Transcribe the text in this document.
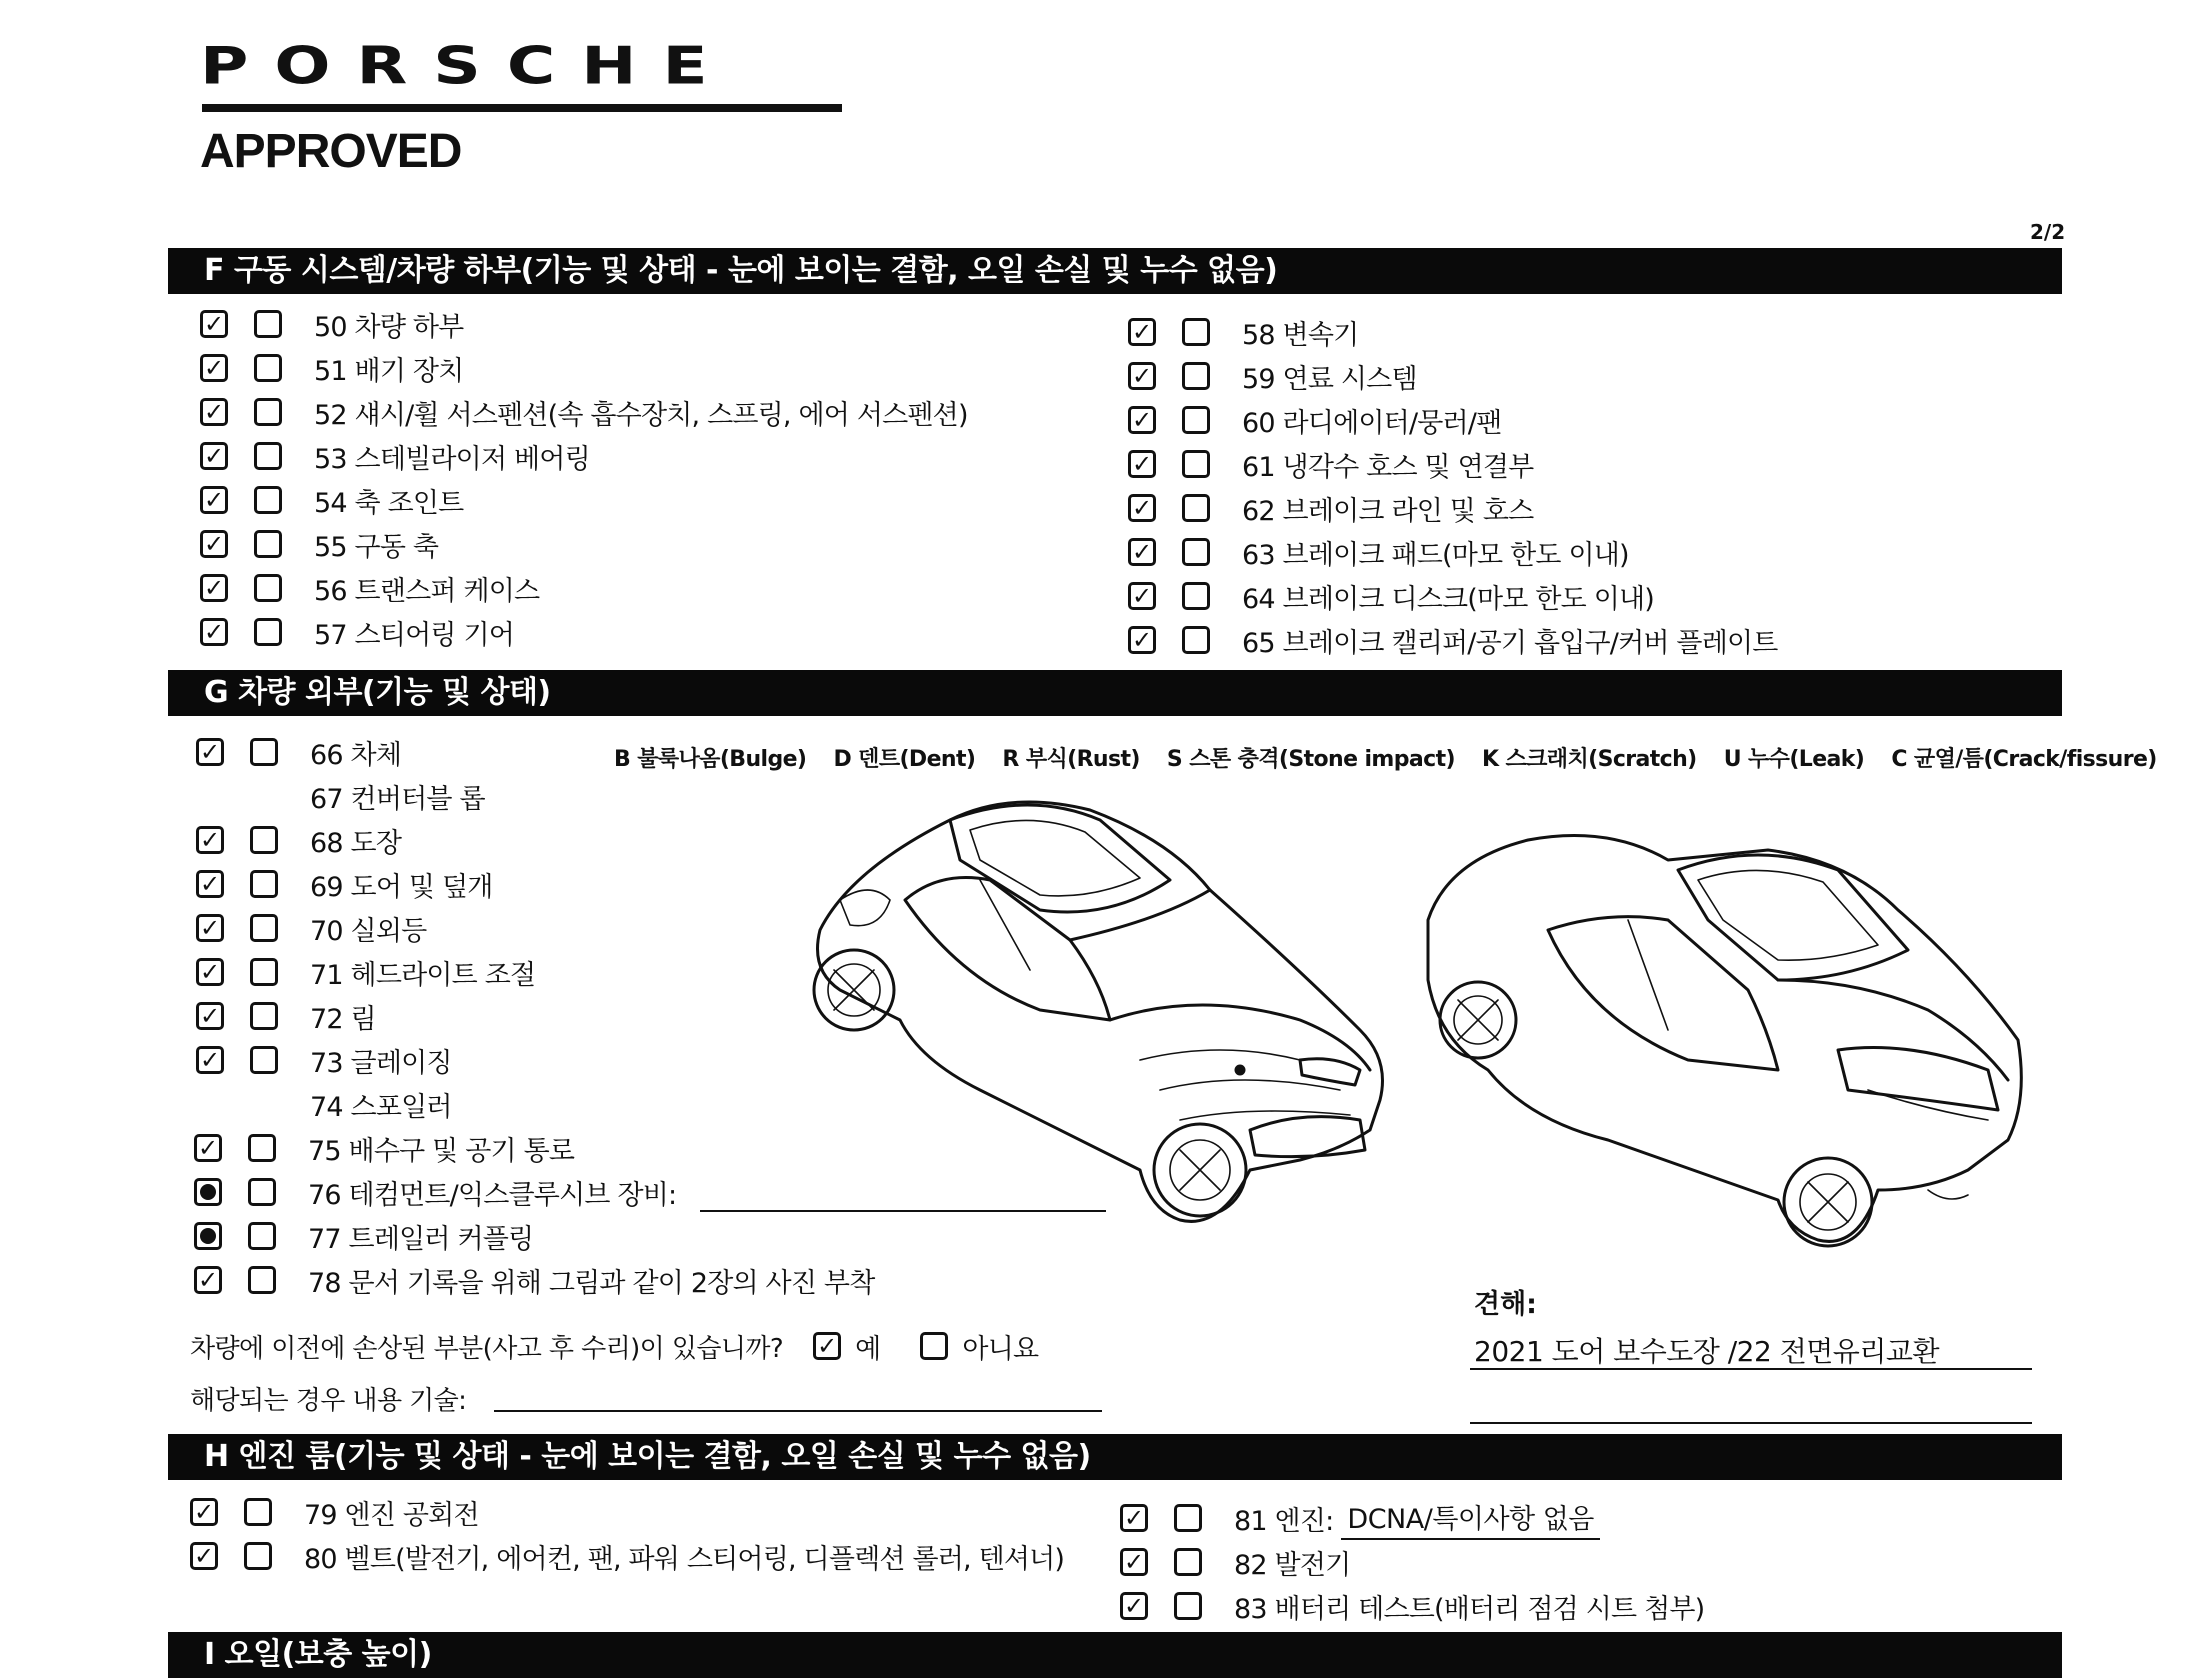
PORSCHE
APPROVED
2/2
F 구동 시스템/차량 하부(기능 및 상태 - 눈에 보이는 결함, 오일 손실 및 누수 없음)
✓	50 차량 하부
✓	51 배기 장치
✓	52 섀시/휠 서스펜션(속 흡수장치, 스프링, 에어 서스펜션)
✓	53 스테빌라이저 베어링
✓	54 축 조인트
✓	55 구동 축
✓	56 트랜스퍼 케이스
✓	57 스티어링 기어
✓	58 변속기
✓	59 연료 시스템
✓	60 라디에이터/뭉러/팬
✓	61 냉각수 호스 및 연결부
✓	62 브레이크 라인 및 호스
✓	63 브레이크 패드(마모 한도 이내)
✓	64 브레이크 디스크(마모 한도 이내)
✓	65 브레이크 캘리퍼/공기 흡입구/커버 플레이트
G 차량 외부(기능 및 상태)
B 불룩나옴(Bulge) D 덴트(Dent) R 부식(Rust) S 스톤 충격(Stone impact) K 스크래치(Scratch) U 누수(Leak) C 균열/틈(Crack/fissure)
✓	66 차체
67 컨버터블 롭
✓	68 도장
✓	69 도어 및 덮개
✓	70 실외등
✓	71 헤드라이트 조절
✓	72 림
✓	73 글레이징
74 스포일러
✓	75 배수구 및 공기 통로
76 테컴먼트/익스클루시브 장비:
77 트레일러 커플링
✓	78 문서 기록을 위해 그림과 같이 2장의 사진 부착
견해:
2021 도어 보수도장 /22 전면유리교환
차량에 이전에 손상된 부분(사고 후 수리)이 있습니까? ✓ 예	아니요
해당되는 경우 내용 기술:
H 엔진 룸(기능 및 상태 - 눈에 보이는 결함, 오일 손실 및 누수 없음)
✓	79 엔진 공회전
✓	80 벨트(발전기, 에어컨, 팬, 파워 스티어링, 디플렉션 롤러, 텐셔너)
✓	81 엔진: DCNA/특이사항 없음
✓	82 발전기
✓	83 배터리 테스트(배터리 점검 시트 첨부)
I 오일(보충 높이)
